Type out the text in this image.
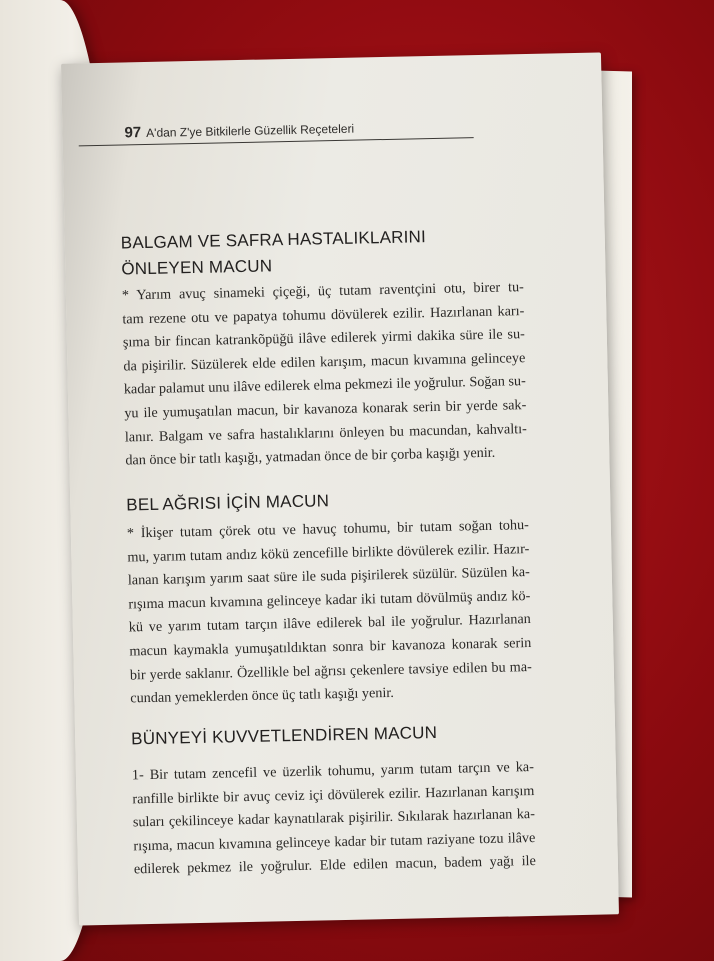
97 A'dan Z'ye Bitkilerle Güzellik Reçeteleri
BALGAM VE SAFRA HASTALIKLARINI
ÖNLEYEN MACUN
* Yarım avuç sinameki çiçeği, üç tutam raventçini otu, birer tu-
tam rezene otu ve papatya tohumu dövülerek ezilir. Hazırlanan karı-
şıma bir fincan katrankõpüğü ilâve edilerek yirmi dakika süre ile su-
da pişirilir. Süzülerek elde edilen karışım, macun kıvamına gelinceye
kadar palamut unu ilâve edilerek elma pekmezi ile yoğrulur. Soğan su-
yu ile yumuşatılan macun, bir kavanoza konarak serin bir yerde sak-
lanır. Balgam ve safra hastalıklarını önleyen bu macundan, kahvaltı-
dan önce bir tatlı kaşığı, yatmadan önce de bir çorba kaşığı yenir.
BEL AĞRISI İÇİN MACUN
* İkişer tutam çörek otu ve havuç tohumu, bir tutam soğan tohu-
mu, yarım tutam andız kökü zencefille birlikte dövülerek ezilir. Hazır-
lanan karışım yarım saat süre ile suda pişirilerek süzülür. Süzülen ka-
rışıma macun kıvamına gelinceye kadar iki tutam dövülmüş andız kö-
kü ve yarım tutam tarçın ilâve edilerek bal ile yoğrulur. Hazırlanan
macun kaymakla yumuşatıldıktan sonra bir kavanoza konarak serin
bir yerde saklanır. Özellikle bel ağrısı çekenlere tavsiye edilen bu ma-
cundan yemeklerden önce üç tatlı kaşığı yenir.
BÜNYEYİ KUVVETLENDİREN MACUN
1- Bir tutam zencefil ve üzerlik tohumu, yarım tutam tarçın ve ka-
ranfille birlikte bir avuç ceviz içi dövülerek ezilir. Hazırlanan karışım
suları çekilinceye kadar kaynatılarak pişirilir. Sıkılarak hazırlanan ka-
rışıma, macun kıvamına gelinceye kadar bir tutam raziyane tozu ilâve
edilerek pekmez ile yoğrulur. Elde edilen macun, badem yağı ile
